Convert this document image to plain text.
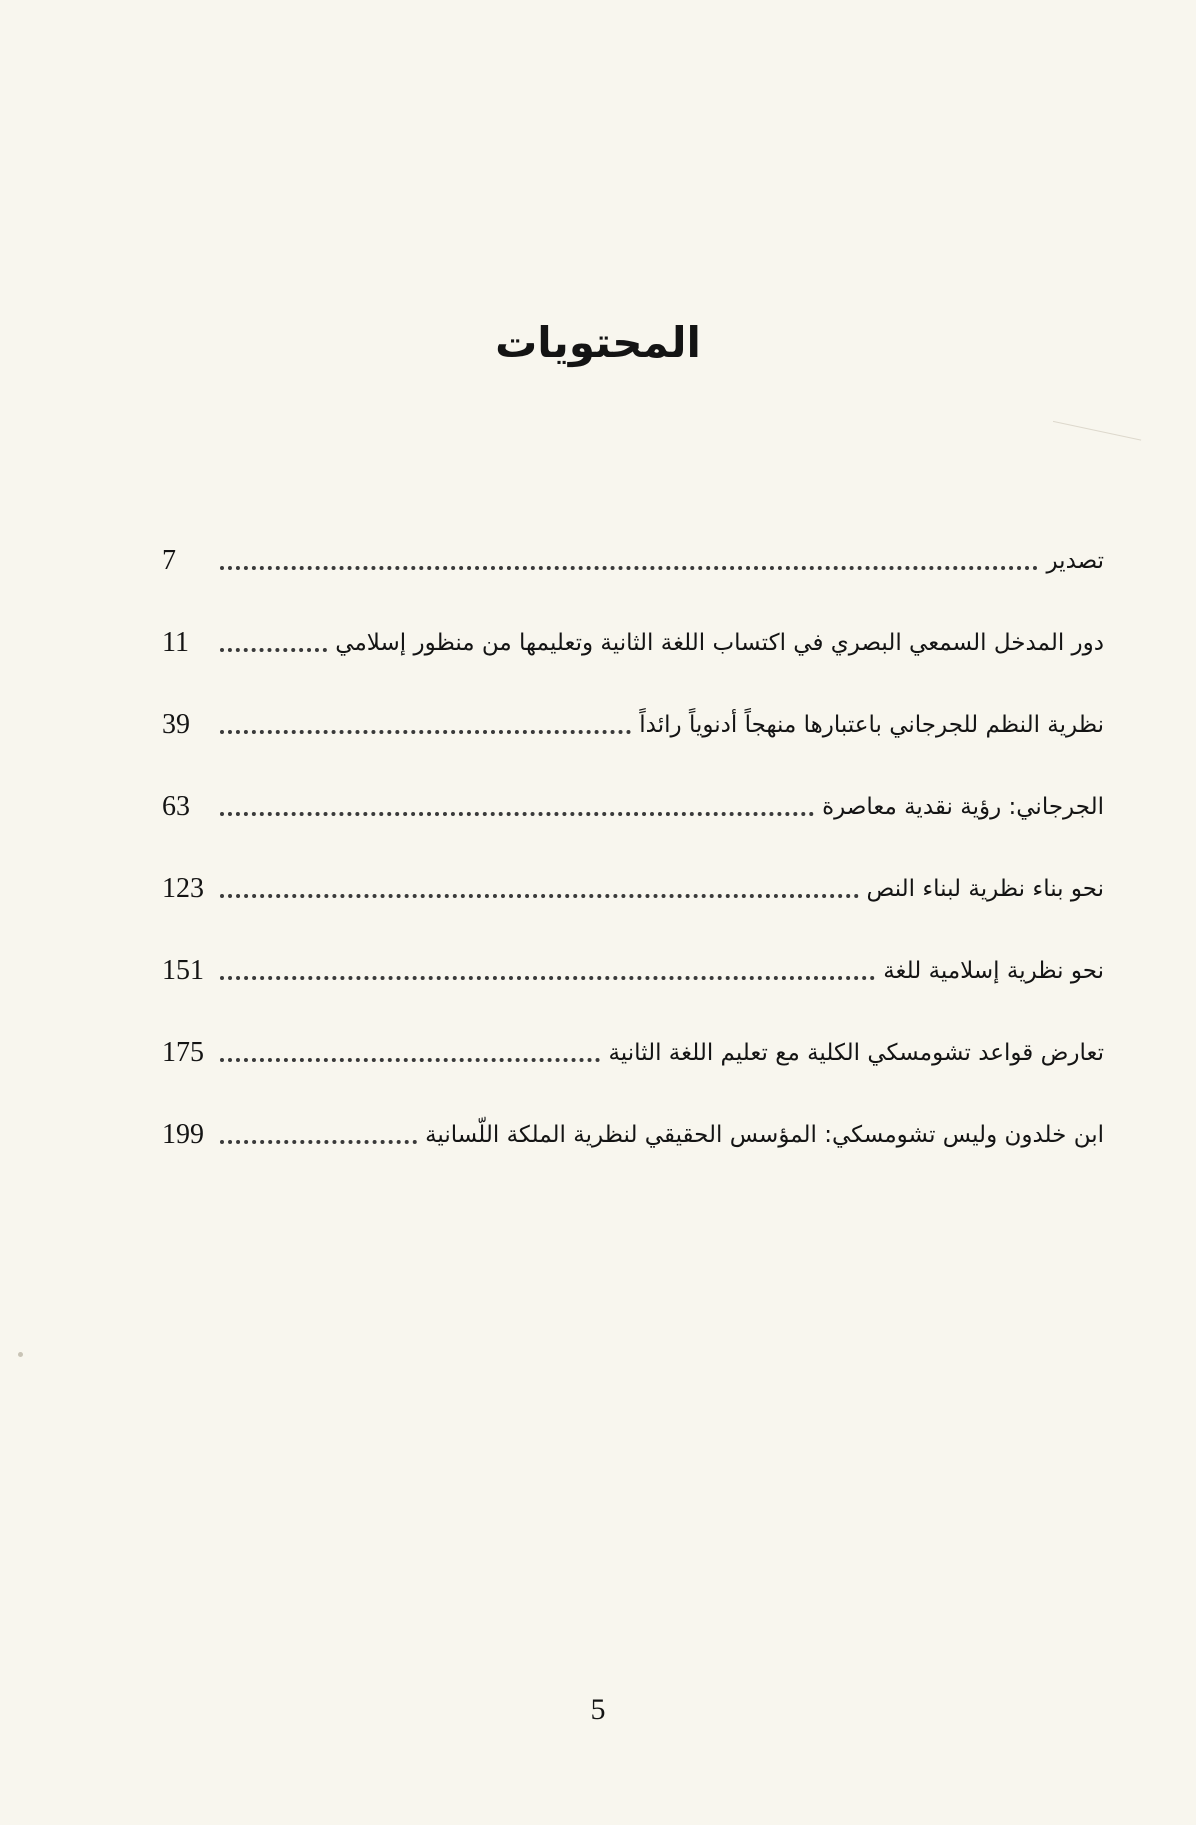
المحتويات
تصدير
7
دور المدخل السمعي البصري في اكتساب اللغة الثانية وتعليمها من منظور إسلامي
11
نظرية النظم للجرجاني باعتبارها منهجاً أدنوياً رائداً
39
الجرجاني: رؤية نقدية معاصرة
63
نحو بناء نظرية لبناء النص
123
نحو نظرية إسلامية للغة
151
تعارض قواعد تشومسكي الكلية مع تعليم اللغة الثانية
175
ابن خلدون وليس تشومسكي: المؤسس الحقيقي لنظرية الملكة اللّسانية
199
5
